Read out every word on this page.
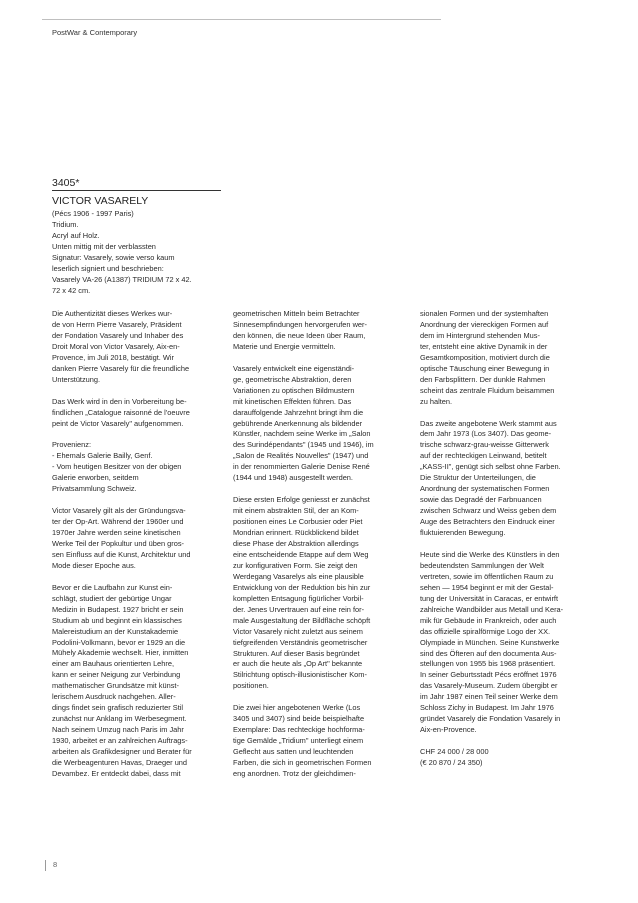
PostWar & Contemporary
3405*
VICTOR VASARELY
(Pécs 1906 - 1997 Paris)
Tridium.
Acryl auf Holz.
Unten mittig mit der verblassten
Signatur: Vasarely, sowie verso kaum
leserlich signiert und beschrieben:
Vasarely VA-26 (A1387) TRIDIUM 72 x 42.
72 x 42 cm.
Die Authentizität dieses Werkes wur-
de von Herrn Pierre Vasarely, Präsident
der Fondation Vasarely und Inhaber des
Droit Moral von Victor Vasarely, Aix-en-
Provence, im Juli 2018, bestätigt. Wir
danken Pierre Vasarely für die freundliche
Unterstützung.
Das Werk wird in den in Vorbereitung be-
findlichen „Catalogue raisonné de l'oeuvre
peint de Victor Vasarely" aufgenommen.
Provenienz:
- Ehemals Galerie Bailly, Genf.
- Vom heutigen Besitzer von der obigen
Galerie erworben, seitdem
Privatsammlung Schweiz.
Victor Vasarely gilt als der Gründungsva-
ter der Op-Art. Während der 1960er und
1970er Jahre werden seine kinetischen
Werke Teil der Popkultur und üben gros-
sen Einfluss auf die Kunst, Architektur und
Mode dieser Epoche aus.
Bevor er die Laufbahn zur Kunst ein-
schlägt, studiert der gebürtige Ungar
Medizin in Budapest. 1927 bricht er sein
Studium ab und beginnt ein klassisches
Malereistudium an der Kunstakademie
Podolini-Volkmann, bevor er 1929 an die
Mühely Akademie wechselt. Hier, inmitten
einer am Bauhaus orientierten Lehre,
kann er seiner Neigung zur Verbindung
mathematischer Grundsätze mit künst-
lerischem Ausdruck nachgehen. Aller-
dings findet sein grafisch reduzierter Stil
zunächst nur Anklang im Werbesegment.
Nach seinem Umzug nach Paris im Jahr
1930, arbeitet er an zahlreichen Auftrags-
arbeiten als Grafikdesigner und Berater für
die Werbeagenturen Havas, Draeger und
Devambez. Er entdeckt dabei, dass mit
geometrischen Mitteln beim Betrachter
Sinnesempfindungen hervorgerufen wer-
den können, die neue Ideen über Raum,
Materie und Energie vermitteln.
Vasarely entwickelt eine eigenständi-
ge, geometrische Abstraktion, deren
Variationen zu optischen Bildmustern
mit kinetischen Effekten führen. Das
darauffolgende Jahrzehnt bringt ihm die
gebührende Anerkennung als bildender
Künstler, nachdem seine Werke im „Salon
des Surindépendants" (1945 und 1946), im
„Salon de Realités Nouvelles" (1947) und
in der renommierten Galerie Denise René
(1944 und 1948) ausgestellt werden.
Diese ersten Erfolge geniesst er zunächst
mit einem abstrakten Stil, der an Kom-
positionen eines Le Corbusier oder Piet
Mondrian erinnert. Rückblickend bildet
diese Phase der Abstraktion allerdings
eine entscheidende Etappe auf dem Weg
zur konfigurativen Form. Sie zeigt den
Werdegang Vasarelys als eine plausible
Entwicklung von der Reduktion bis hin zur
kompletten Entsagung figürlicher Vorbil-
der. Jenes Urvertrauen auf eine rein for-
male Ausgestaltung der Bildfläche schöpft
Victor Vasarely nicht zuletzt aus seinem
tiefgreifenden Verständnis geometrischer
Strukturen. Auf dieser Basis begründet
er auch die heute als „Op Art" bekannte
Stilrichtung optisch-illusionistischer Kom-
positionen.
Die zwei hier angebotenen Werke (Los
3405 und 3407) sind beide beispielhafte
Exemplare: Das rechteckige hochforma-
tige Gemälde „Tridium" unterliegt einem
Geflecht aus satten und leuchtenden
Farben, die sich in geometrischen Formen
eng anordnen. Trotz der gleichdimen-
sionalen Formen und der systemhaften
Anordnung der viereckigen Formen auf
dem im Hintergrund stehenden Mus-
ter, entsteht eine aktive Dynamik in der
Gesamtkomposition, motiviert durch die
optische Täuschung einer Bewegung in
den Farbsplittern. Der dunkle Rahmen
scheint das zentrale Fluidum beisammen
zu halten.
Das zweite angebotene Werk stammt aus
dem Jahr 1973 (Los 3407). Das geome-
trische schwarz-grau-weisse Gitterwerk
auf der rechteckigen Leinwand, betitelt
„KASS-II", genügt sich selbst ohne Farben.
Die Struktur der Unterteilungen, die
Anordnung der systematischen Formen
sowie das Degradé der Farbnuancen
zwischen Schwarz und Weiss geben dem
Auge des Betrachters den Eindruck einer
fluktuierenden Bewegung.
Heute sind die Werke des Künstlers in den
bedeutendsten Sammlungen der Welt
vertreten, sowie im öffentlichen Raum zu
sehen — 1954 beginnt er mit der Gestal-
tung der Universität in Caracas, er entwirft
zahlreiche Wandbilder aus Metall und Kera-
mik für Gebäude in Frankreich, oder auch
das offizielle spiralförmige Logo der XX.
Olympiade in München. Seine Kunstwerke
sind des Öfteren auf den documenta Aus-
stellungen von 1955 bis 1968 präsentiert.
In seiner Geburtsstadt Pécs eröffnet 1976
das Vasarely-Museum. Zudem übergibt er
im Jahr 1987 einen Teil seiner Werke dem
Schloss Zichy in Budapest. Im Jahr 1976
gründet Vasarely die Fondation Vasarely in
Aix-en-Provence.
CHF 24 000 / 28 000
(€ 20 870 / 24 350)
8
